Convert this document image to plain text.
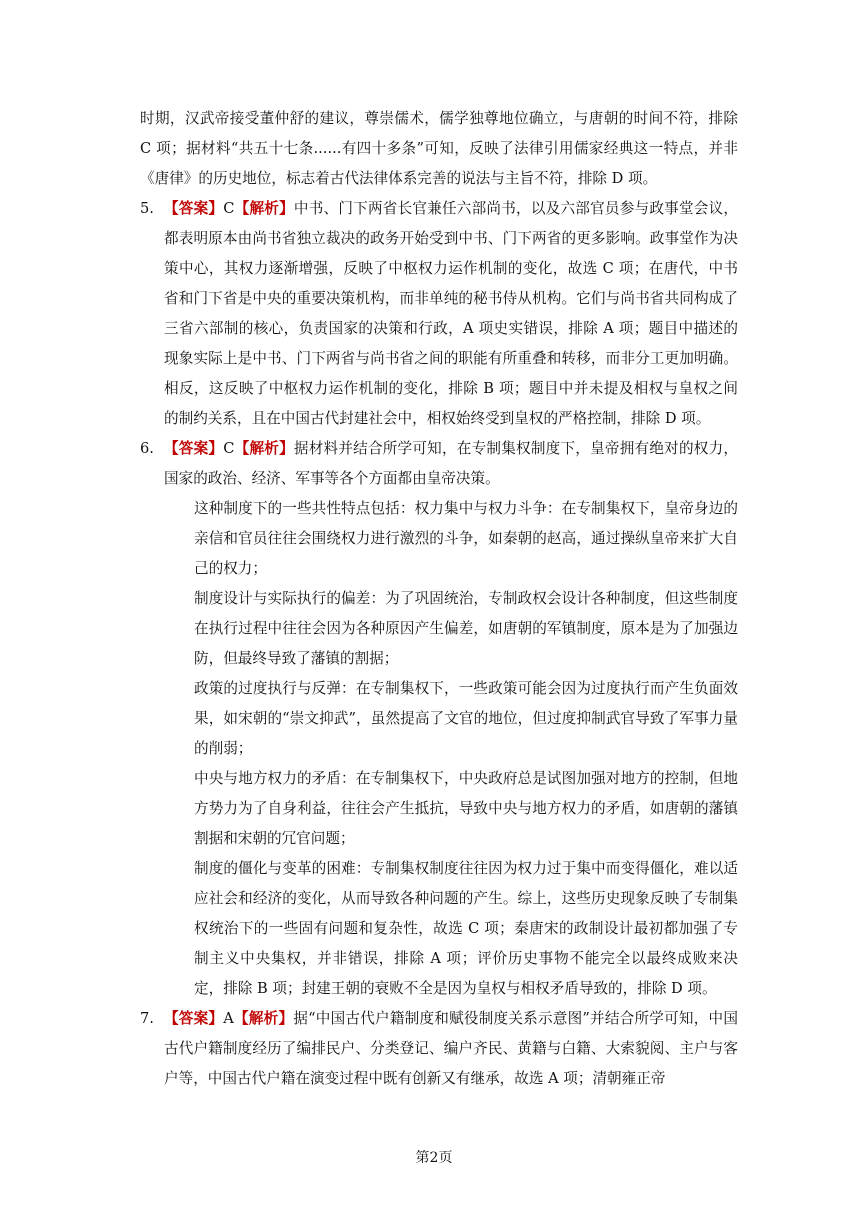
时期，汉武帝接受董仲舒的建议，尊崇儒术，儒学独尊地位确立，与唐朝的时间不符，排除 C 项；据材料“共五十七条......有四十多条”可知，反映了法律引用儒家经典这一特点，并非《唐律》的历史地位，标志着古代法律体系完善的说法与主旨不符，排除 D 项。

5. 【答案】C【解析】中书、门下两省长官兼任六部尚书，以及六部官员参与政事堂会议，都表明原本由尚书省独立裁决的政务开始受到中书、门下两省的更多影响。政事堂作为决策中心，其权力逐渐增强，反映了中枢权力运作机制的变化，故选 C 项；在唐代，中书省和门下省是中央的重要决策机构，而非单纯的秘书侍从机构。它们与尚书省共同构成了三省六部制的核心，负责国家的决策和行政，A 项史实错误，排除 A 项；题目中描述的现象实际上是中书、门下两省与尚书省之间的职能有所重叠和转移，而非分工更加明确。相反，这反映了中枢权力运作机制的变化，排除 B 项；题目中并未提及相权与皇权之间的制约关系，且在中国古代封建社会中，相权始终受到皇权的严格控制，排除 D 项。
6. 【答案】C【解析】据材料并结合所学可知，在专制集权制度下，皇帝拥有绝对的权力，国家的政治、经济、军事等各个方面都由皇帝决策。

这种制度下的一些共性特点包括：权力集中与权力斗争：在专制集权下，皇帝身边的亲信和官员往往会围绕权力进行激烈的斗争，如秦朝的赵高，通过操纵皇帝来扩大自己的权力；

制度设计与实际执行的偏差：为了巩固统治，专制政权会设计各种制度，但这些制度在执行过程中往往会因为各种原因产生偏差，如唐朝的军镇制度，原本是为了加强边防，但最终导致了藩镇的割据；

政策的过度执行与反弹：在专制集权下，一些政策可能会因为过度执行而产生负面效果，如宋朝的“崇文抑武”，虽然提高了文官的地位，但过度抑制武官导致了军事力量的削弱；

中央与地方权力的矛盾：在专制集权下，中央政府总是试图加强对地方的控制，但地方势力为了自身利益，往往会产生抵抗，导致中央与地方权力的矛盾，如唐朝的藩镇割据和宋朝的冗官问题；

制度的僵化与变革的困难：专制集权制度往往因为权力过于集中而变得僵化，难以适应社会和经济的变化，从而导致各种问题的产生。综上，这些历史现象反映了专制集权统治下的一些固有问题和复杂性，故选 C 项；秦唐宋的政制设计最初都加强了专制主义中央集权，并非错误，排除 A 项；评价历史事物不能完全以最终成败来决定，排除 B 项；封建王朝的衰败不全是因为皇权与相权矛盾导致的，排除 D 项。

7. 【答案】A【解析】据“中国古代户籍制度和赋役制度关系示意图”并结合所学可知，中国古代户籍制度经历了编排民户、分类登记、编户齐民、黄籍与白籍、大索貌阅、主户与客户等，中国古代户籍在演变过程中既有创新又有继承，故选 A 项；清朝雍正帝
第2页
